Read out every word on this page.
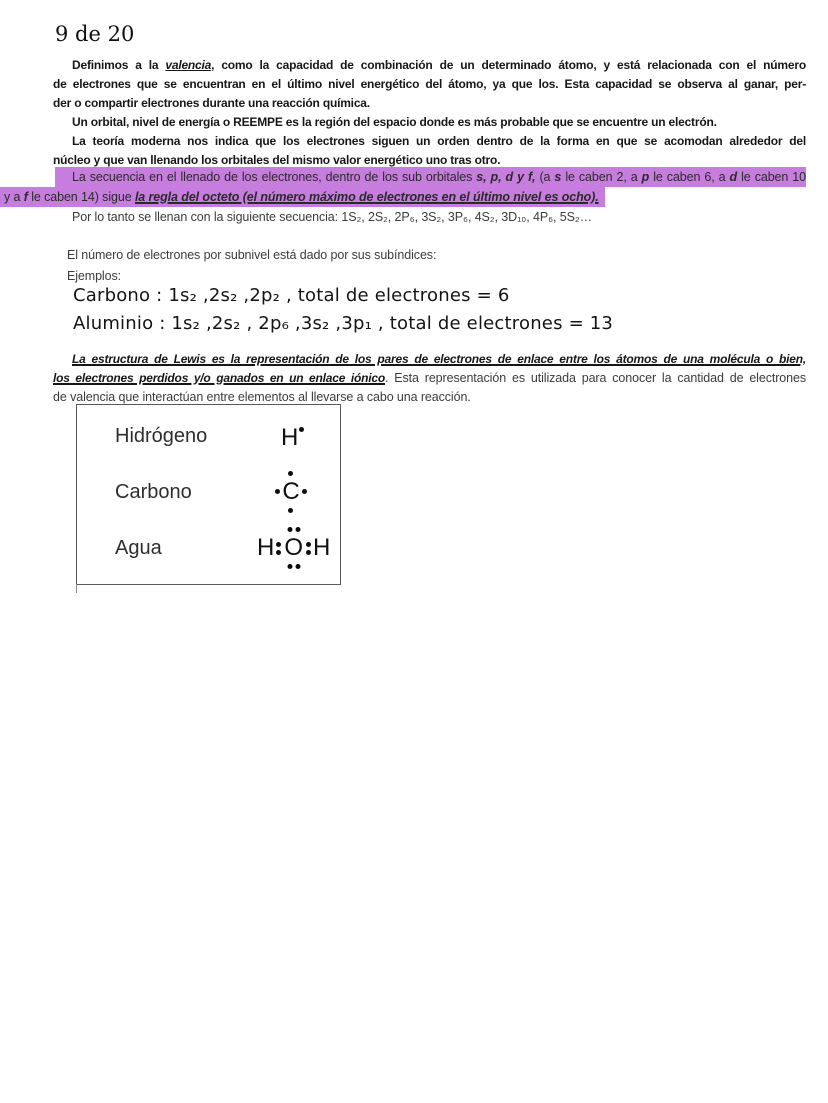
9 de 20
Definimos a la valencia, como la capacidad de combinación de un determinado átomo, y está relacionada con el número
de electrones que se encuentran en el último nivel energético del átomo, ya que los. Esta capacidad se observa al ganar, per-
der o compartir electrones durante una reacción química.
Un orbital, nivel de energía o REEMPE es la región del espacio donde es más probable que se encuentre un electrón.
La teoría moderna nos indica que los electrones siguen un orden dentro de la forma en que se acomodan alrededor del
núcleo y que van llenando los orbitales del mismo valor energético uno tras otro.
La secuencia en el llenado de los electrones, dentro de los sub orbitales s, p, d y f, (a s le caben 2, a p le caben 6, a d le caben 10
y a f le caben 14) sigue la regla del octeto (el número máximo de electrones en el último nivel es ocho).
Por lo tanto se llenan con la siguiente secuencia: 1S₂, 2S₂, 2P₆, 3S₂, 3P₆, 4S₂, 3D₁₀, 4P₆, 5S₂…
El número de electrones por subnivel está dado por sus subíndices:
Ejemplos:
Carbono : 1s₂ ,2s₂ ,2p₂ , total de electrones = 6
Aluminio : 1s₂ ,2s₂ , 2p₆ ,3s₂ ,3p₁ , total de electrones = 13
La estructura de Lewis es la representación de los pares de electrones de enlace entre los átomos de una molécula o bien,
los electrones perdidos y/o ganados en un enlace iónico. Esta representación es utilizada para conocer la cantidad de electrones
de valencia que interactúan entre elementos al llevarse a cabo una reacción.
Hidrógeno	H
Carbono	C
Agua	H O H
